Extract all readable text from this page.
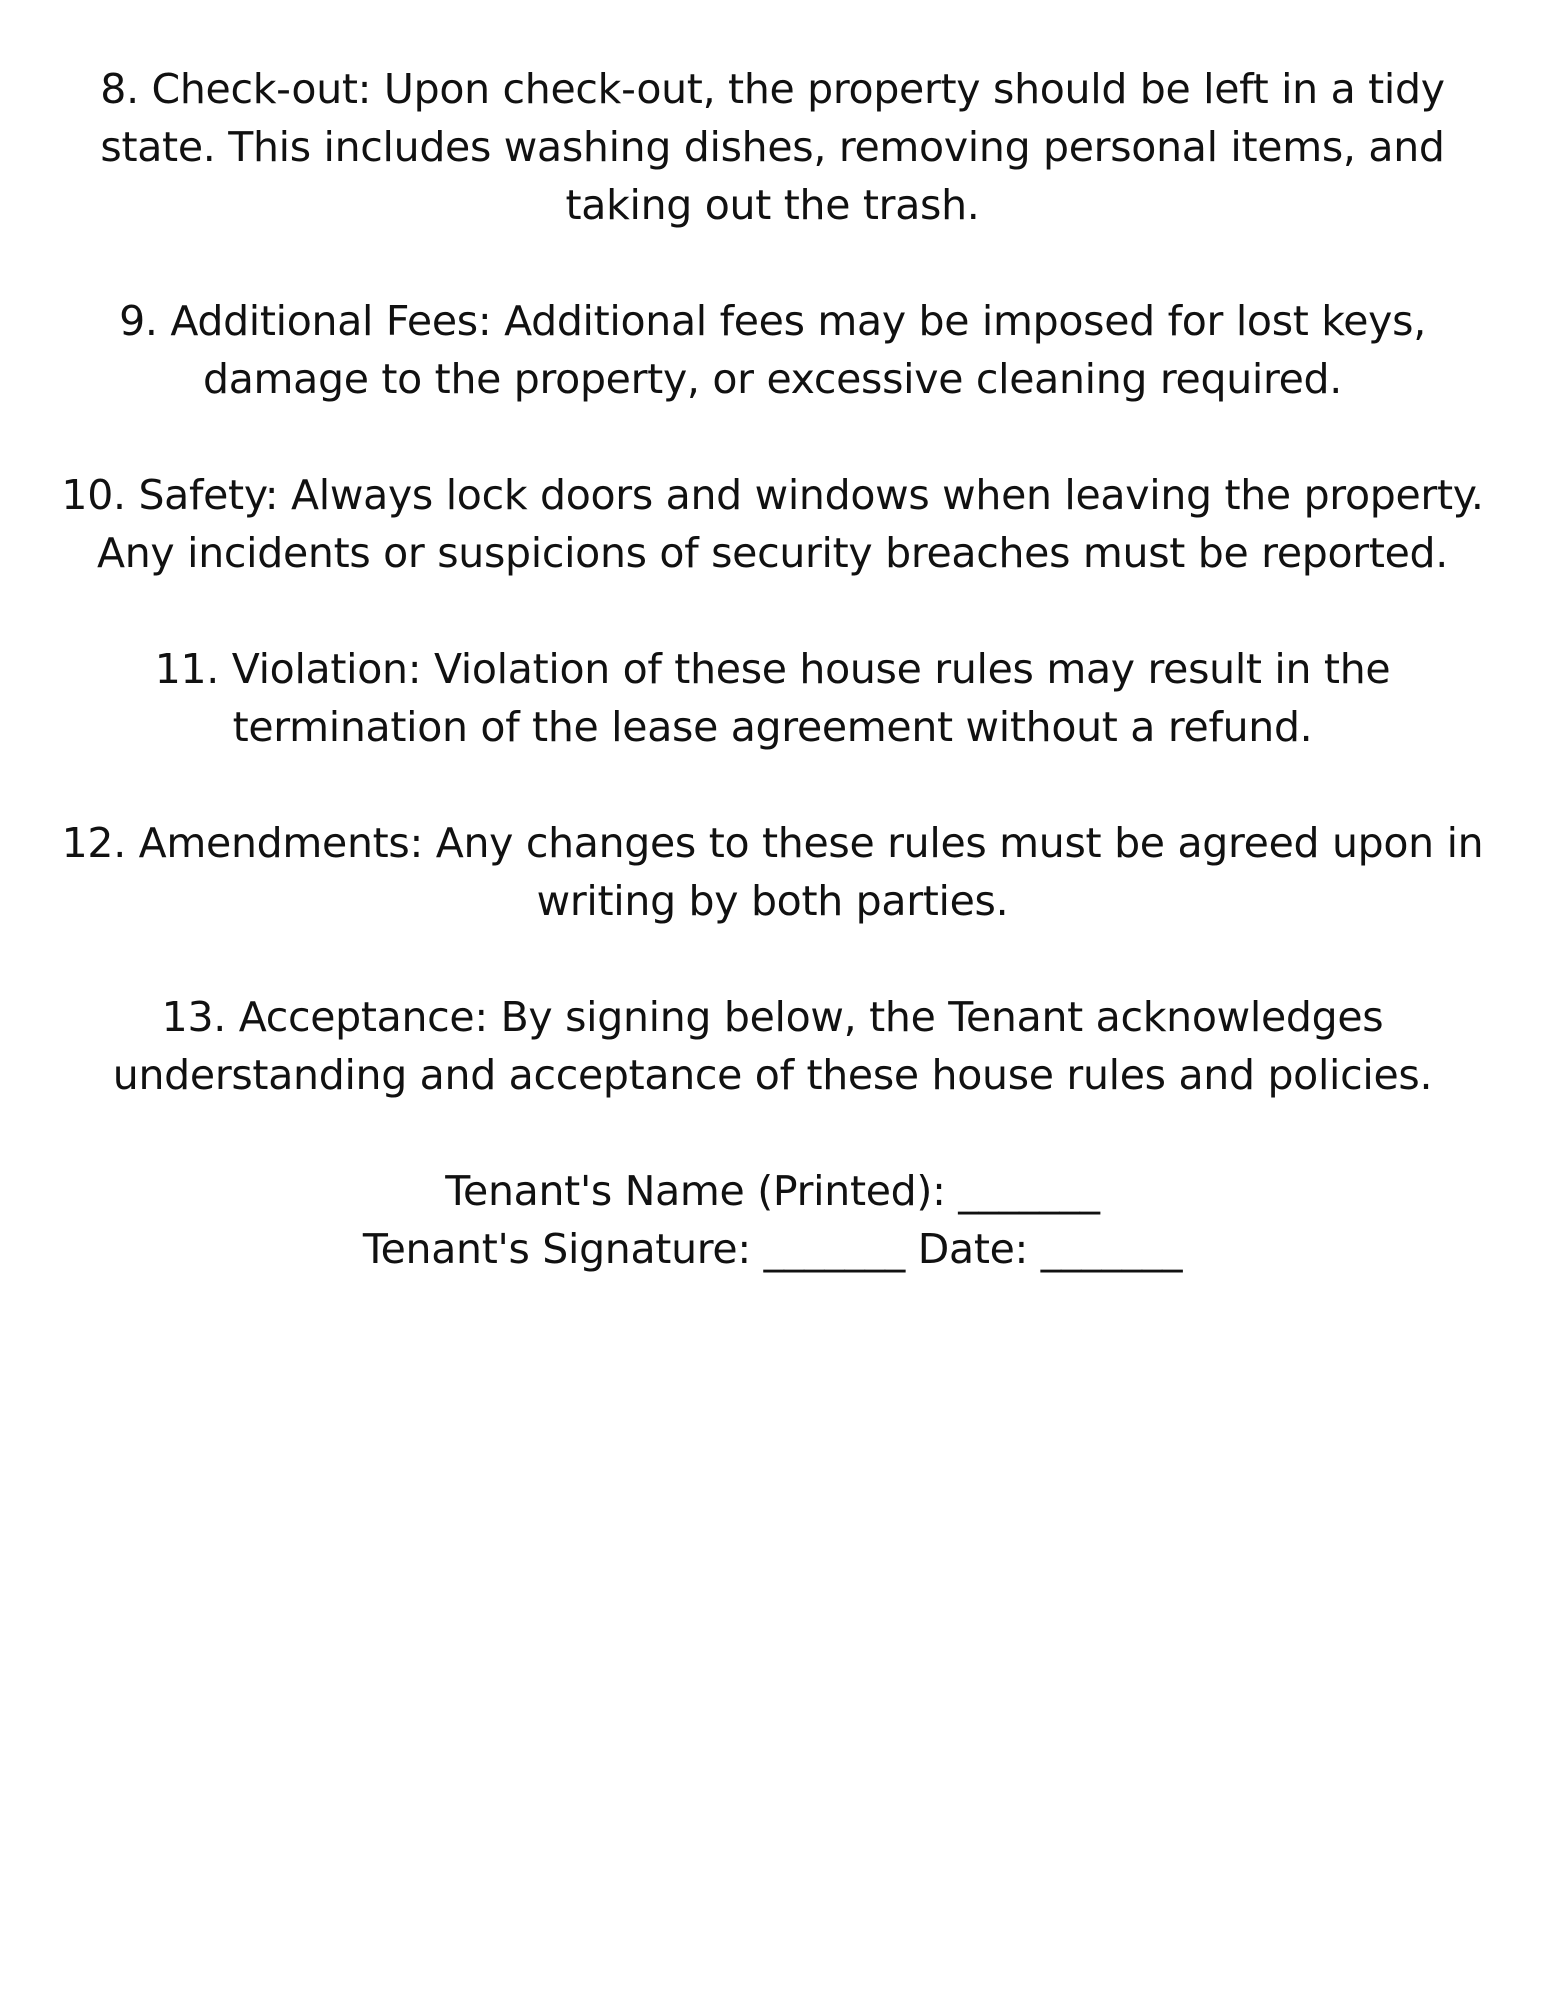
8. Check-out: Upon check-out, the property should be left in a tidy
state. This includes washing dishes, removing personal items, and
taking out the trash.
9. Additional Fees: Additional fees may be imposed for lost keys,
damage to the property, or excessive cleaning required.
10. Safety: Always lock doors and windows when leaving the property.
Any incidents or suspicions of security breaches must be reported.
11. Violation: Violation of these house rules may result in the
termination of the lease agreement without a refund.
12. Amendments: Any changes to these rules must be agreed upon in
writing by both parties.
13. Acceptance: By signing below, the Tenant acknowledges
understanding and acceptance of these house rules and policies.
Tenant's Name (Printed): _______
Tenant's Signature: _______ Date: _______
